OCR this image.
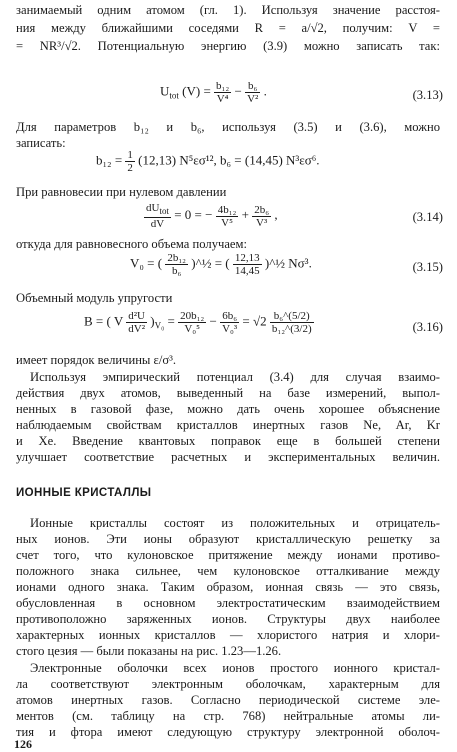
занимаемый одним атомом (гл. 1). Используя значение расстоя-
ния между ближайшими соседями R = a/√2, получим: V =
= NR³/√2. Потенциальную энергию (3.9) можно записать так:
$U_{tot}$ $(V) = \frac{\text{b₁₂}}{\text{V⁴}} - \frac{\text{b₆}}{\text{V²}}$ .	(3.13)
Для параметров b₁₂ и b₆, используя (3.5) и (3.6), можно
записать:
$b_{12} = \frac{1}{2} (12,13)$ N⁵εσ¹², b₆ = (14,45) N³εσ⁶.
При равновесии при нулевом давлении
$\frac{dU_{tot}}{dV} = 0$ = − $\frac{\text{4b₁₂}}{\text{V⁵}} + \frac{\text{2b₆}}{\text{V³}}$ ,	(3.14)
откуда для равновесного объема получаем:
V₀ = ( $\frac{\text{2b₁₂}}{\text{b₆}}$ )^½ = ( $\frac{12,13}{14,45}$ )^½ Nσ³.	(3.15)
Объемный модуль упругости
B = ( V $\frac{\text{d²U}}{\text{dV²}} )_{V_0} = \frac{\text{20b₁₂}}{\text{V₀⁵}} - \frac{\text{6b₆}}{\text{V₀³}} = √2 \frac{\text{b₆\textasciicircum{}(5/2)}}{\text{b₁₂\textasciicircum{}(3/2)}}$	(3.16)
имеет порядок величины ε/σ³.
Используя эмпирический потенциал (3.4) для случая взаимо-
действия двух атомов, выведенный на базе измерений, выпол-
ненных в газовой фазе, можно дать очень хорошее объяснение
наблюдаемым свойствам кристаллов инертных газов Ne, Ar, Kr
и Xe. Введение квантовых поправок еще в большей степени
улучшает соответствие расчетных и экспериментальных величин.
ИОННЫЕ КРИСТАЛЛЫ
Ионные кристаллы состоят из положительных и отрицатель-
ных ионов. Эти ионы образуют кристаллическую решетку за
счет того, что кулоновское притяжение между ионами противо-
положного знака сильнее, чем кулоновское отталкивание между
ионами одного знака. Таким образом, ионная связь — это связь,
обусловленная в основном электростатическим взаимодействием
противоположно заряженных ионов. Структуры двух наиболее
характерных ионных кристаллов — хлористого натрия и хлори-
стого цезия — были показаны на рис. 1.23—1.26.
Электронные оболочки всех ионов простого ионного кристал-
ла соответствуют электронным оболочкам, характерным для
атомов инертных газов. Согласно периодической системе эле-
ментов (см. таблицу на стр. 768) нейтральные атомы ли-
тия и фтора имеют следующую структуру электронной оболоч-
126
